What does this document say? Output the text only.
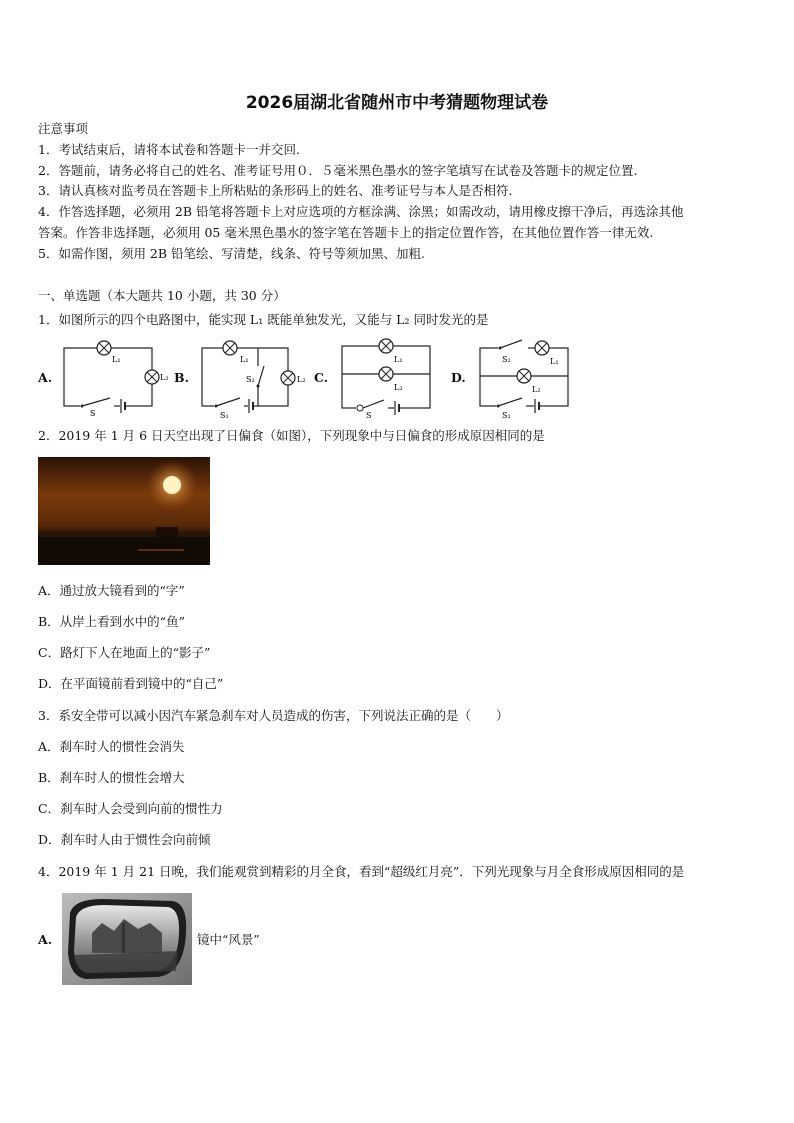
2026届湖北省随州市中考猜题物理试卷
注意事项
1．考试结束后，请将本试卷和答题卡一并交回.
2．答题前，请务必将自己的姓名、准考证号用０．５毫米黑色墨水的签字笔填写在试卷及答题卡的规定位置.
3．请认真核对监考员在答题卡上所粘贴的条形码上的姓名、准考证号与本人是否相符.
4．作答选择题，必须用 2B 铅笔将答题卡上对应选项的方框涂满、涂黑；如需改动，请用橡皮擦干净后，再选涂其他
答案。作答非选择题，必须用 05 毫米黑色墨水的签字笔在答题卡上的指定位置作答，在其他位置作答一律无效.
5．如需作图，须用 2B 铅笔绘、写清楚，线条、符号等须加黑、加粗.
一、单选题（本大题共 10 小题，共 30 分）
1．如图所示的四个电路图中，能实现 L₁ 既能单独发光，又能与 L₂ 同时发光的是
A.	B.	C.	D.
L₁
L₂
S
L₁
S₂	L₂
S₁
L₁
L₂
S
S₂	L₁
L₂
S₁
2．2019 年 1 月 6 日天空出现了日偏食（如图），下列现象中与日偏食的形成原因相同的是
A．通过放大镜看到的“字”
B．从岸上看到水中的“鱼”
C．路灯下人在地面上的“影子”
D．在平面镜前看到镜中的“自己”
3．系安全带可以减小因汽车紧急刹车对人员造成的伤害，下列说法正确的是（　　）
A．刹车时人的惯性会消失
B．刹车时人的惯性会增大
C．刹车时人会受到向前的惯性力
D．刹车时人由于惯性会向前倾
4．2019 年 1 月 21 日晚，我们能观赏到精彩的月全食，看到“超级红月亮”．下列光现象与月全食形成原因相同的是
A.	镜中“风景”
